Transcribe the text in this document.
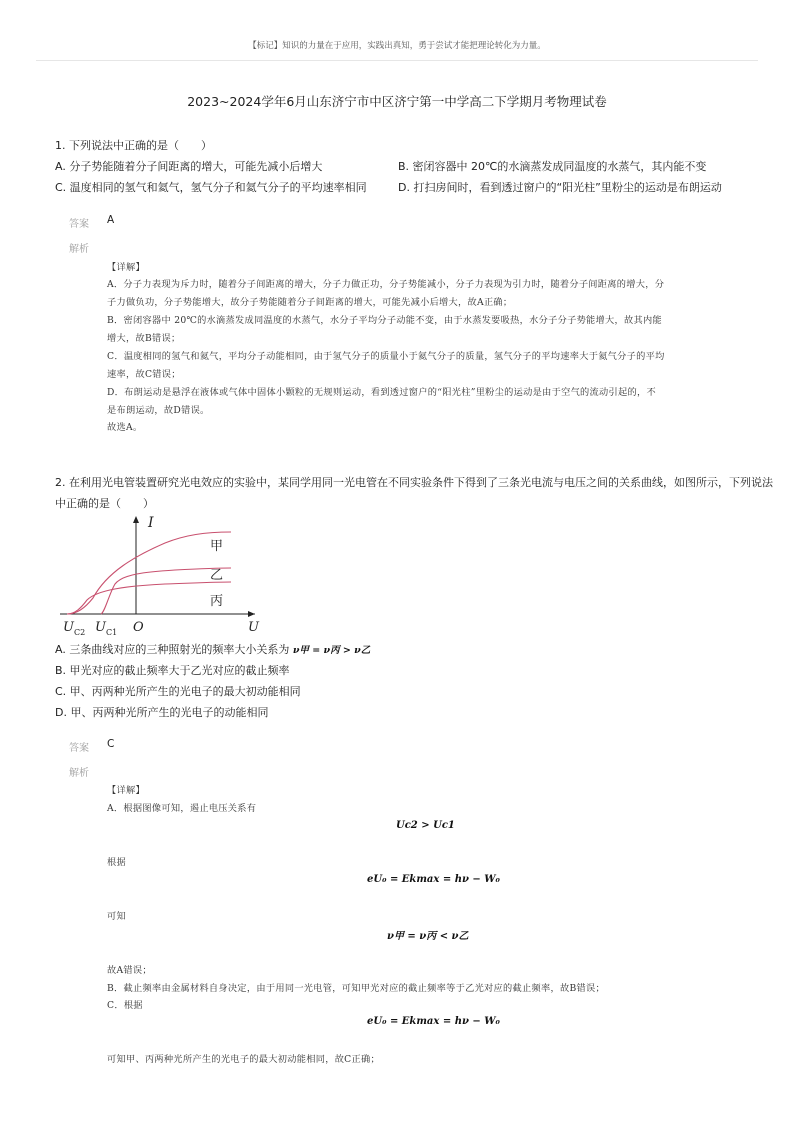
【标记】知识的力量在于应用，实践出真知，勇于尝试才能把理论转化为力量。
2023~2024学年6月山东济宁市中区济宁第一中学高二下学期月考物理试卷
1. 下列说法中正确的是（　　）
A. 分子势能随着分子间距离的增大，可能先减小后增大	B. 密闭容器中 20℃的水滴蒸发成同温度的水蒸气，其内能不变
C. 温度相同的氢气和氦气，氢气分子和氦气分子的平均速率相同	D. 打扫房间时，看到透过窗户的“阳光柱”里粉尘的运动是布朗运动
答案 A
解析
【详解】
A．分子力表现为斥力时，随着分子间距离的增大，分子力做正功，分子势能减小，分子力表现为引力时，随着分子间距离的增大，分
子力做负功，分子势能增大，故分子势能随着分子间距离的增大，可能先减小后增大，故A正确；
B．密闭容器中 20℃的水滴蒸发成同温度的水蒸气，水分子平均分子动能不变，由于水蒸发要吸热，水分子分子势能增大，故其内能
增大，故B错误；
C．温度相同的氢气和氦气，平均分子动能相同，由于氢气分子的质量小于氦气分子的质量，氢气分子的平均速率大于氦气分子的平均
速率，故C错误；
D．布朗运动是悬浮在液体或气体中固体小颗粒的无规则运动，看到透过窗户的“阳光柱”里粉尘的运动是由于空气的流动引起的，不
是布朗运动，故D错误。
故选A。
2. 在利用光电管装置研究光电效应的实验中，某同学用同一光电管在不同实验条件下得到了三条光电流与电压之间的关系曲线，如图所示，下列说法
中正确的是（　　）
I
U
O
$U_{C2}$ $U_{C1}$
甲
乙
丙
A. 三条曲线对应的三种照射光的频率大小关系为 ν甲 = ν丙 > ν乙
B. 甲光对应的截止频率大于乙光对应的截止频率
C. 甲、丙两种光所产生的光电子的最大初动能相同
D. 甲、丙两种光所产生的光电子的动能相同
答案 C
解析
【详解】
A．根据图像可知，遏止电压关系有
Uc2 > Uc1
根据
eU₀ = Ekmax = hν − W₀
可知
ν甲 = ν丙 < ν乙
故A错误；
B．截止频率由金属材料自身决定，由于用同一光电管，可知甲光对应的截止频率等于乙光对应的截止频率，故B错误；
C．根据
eU₀ = Ekmax = hν − W₀
可知甲、丙两种光所产生的光电子的最大初动能相同，故C正确；
